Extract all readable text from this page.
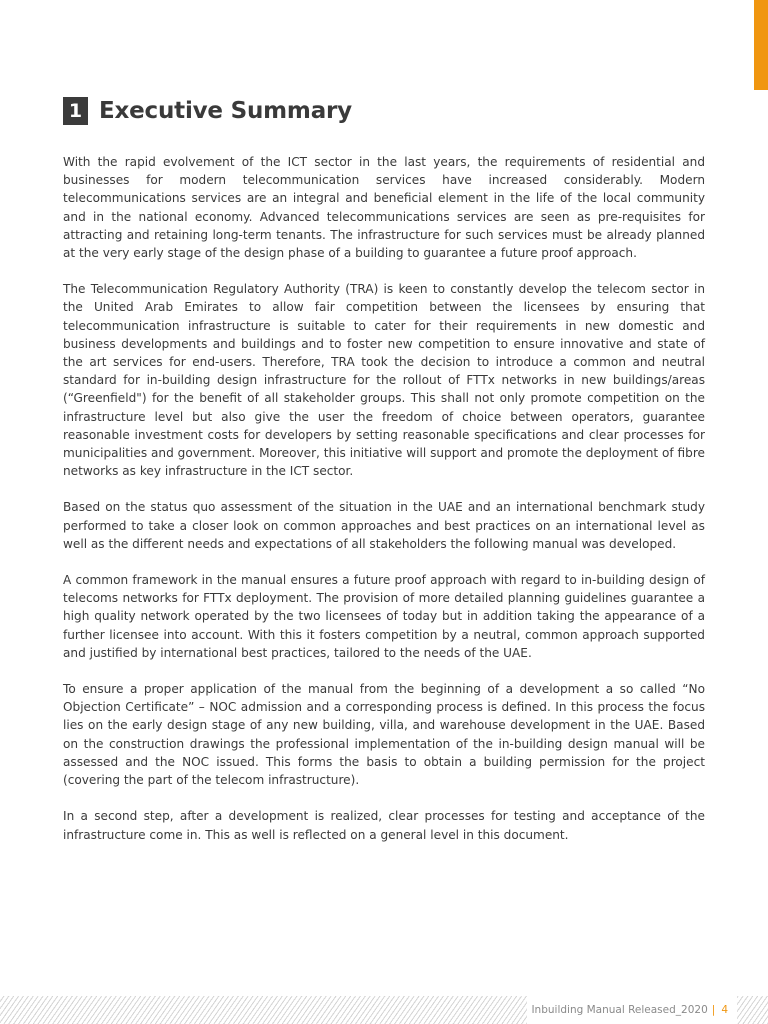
1 Executive Summary

With the rapid evolvement of the ICT sector in the last years, the requirements of residential and businesses for modern telecommunication services have increased considerably. Modern telecommunications services are an integral and beneficial element in the life of the local community and in the national economy. Advanced telecommunications services are seen as pre-requisites for attracting and retaining long-term tenants. The infrastructure for such services must be already planned at the very early stage of the design phase of a building to guarantee a future proof approach.

The Telecommunication Regulatory Authority (TRA) is keen to constantly develop the telecom sector in the United Arab Emirates to allow fair competition between the licensees by ensuring that telecommunication infrastructure is suitable to cater for their requirements in new domestic and business developments and buildings and to foster new competition to ensure innovative and state of the art services for end-users. Therefore, TRA took the decision to introduce a common and neutral standard for in-building design infrastructure for the rollout of FTTx networks in new buildings/areas (“Greenfield") for the benefit of all stakeholder groups. This shall not only promote competition on the infrastructure level but also give the user the freedom of choice between operators, guarantee reasonable investment costs for developers by setting reasonable specifications and clear processes for municipalities and government. Moreover, this initiative will support and promote the deployment of fibre networks as key infrastructure in the ICT sector.

Based on the status quo assessment of the situation in the UAE and an international benchmark study performed to take a closer look on common approaches and best practices on an international level as well as the different needs and expectations of all stakeholders the following manual was developed.

A common framework in the manual ensures a future proof approach with regard to in-building design of telecoms networks for FTTx deployment. The provision of more detailed planning guidelines guarantee a high quality network operated by the two licensees of today but in addition taking the appearance of a further licensee into account. With this it fosters competition by a neutral, common approach supported and justified by international best practices, tailored to the needs of the UAE.

To ensure a proper application of the manual from the beginning of a development a so called “No Objection Certificate” – NOC admission and a corresponding process is defined. In this process the focus lies on the early design stage of any new building, villa, and warehouse development in the UAE. Based on the construction drawings the professional implementation of the in-building design manual will be assessed and the NOC issued. This forms the basis to obtain a building permission for the project (covering the part of the telecom infrastructure).

In a second step, after a development is realized, clear processes for testing and acceptance of the infrastructure come in. This as well is reflected on a general level in this document.

Inbuilding Manual Released_2020 | 4
